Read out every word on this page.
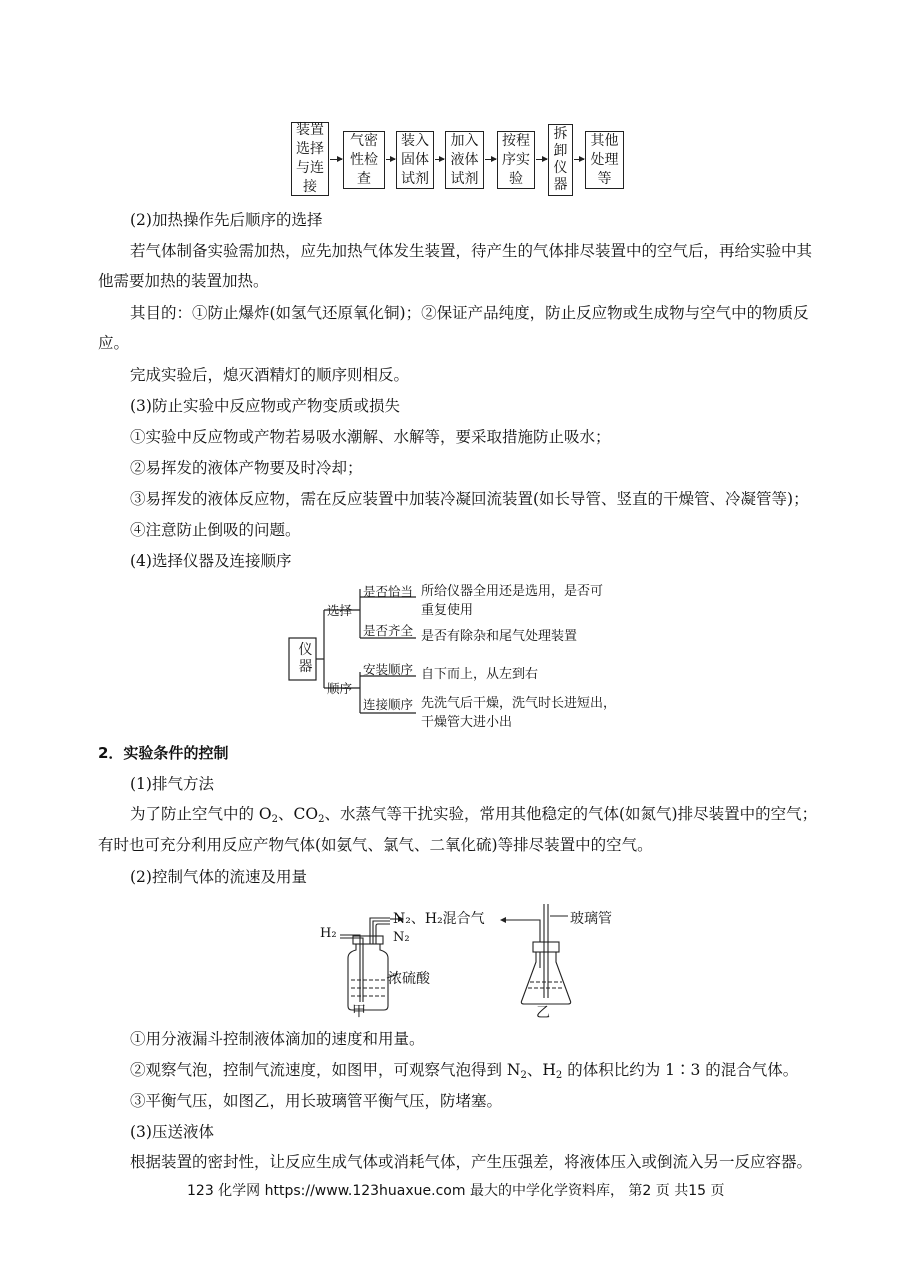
装置
选择
与连
接
气密
性检
查
装入
固体
试剂
加入
液体
试剂
按程
序实
验
拆
卸
仪
器
其他
处理
等
(2)加热操作先后顺序的选择
若气体制备实验需加热，应先加热气体发生装置，待产生的气体排尽装置中的空气后，再给实验中其
他需要加热的装置加热。
其目的：①防止爆炸(如氢气还原氧化铜)；②保证产品纯度，防止反应物或生成物与空气中的物质反
应。
完成实验后，熄灭酒精灯的顺序则相反。
(3)防止实验中反应物或产物变质或损失
①实验中反应物或产物若易吸水潮解、水解等，要采取措施防止吸水；
②易挥发的液体产物要及时冷却；
③易挥发的液体反应物，需在反应装置中加装冷凝回流装置(如长导管、竖直的干燥管、冷凝管等)；
④注意防止倒吸的问题。
(4)选择仪器及连接顺序
仪
器
选择
顺序
是否恰当 所给仪器全用还是选用，是否可
重复使用
是否齐全 是否有除杂和尾气处理装置
安装顺序 自下而上，从左到右
连接顺序 先洗气后干燥，洗气时长进短出，
干燥管大进小出
2．实验条件的控制
(1)排气方法
为了防止空气中的 $O_2$、$CO_2$、水蒸气等干扰实验，常用其他稳定的气体(如氮气)排尽装置中的空气；
有时也可充分利用反应产物气体(如氨气、氯气、二氧化硫)等排尽装置中的空气。
(2)控制气体的流速及用量
N₂、H₂混合气
H₂	N₂
浓硫酸
甲
玻璃管
乙
①用分液漏斗控制液体滴加的速度和用量。
②观察气泡，控制气流速度，如图甲，可观察气泡得到 $N_2$、$H_2$ 的体积比约为 1∶3 的混合气体。
③平衡气压，如图乙，用长玻璃管平衡气压，防堵塞。
(3)压送液体
根据装置的密封性，让反应生成气体或消耗气体，产生压强差，将液体压入或倒流入另一反应容器。
123 化学网 https://www.123huaxue.com 最大的中学化学资料库， 第2 页 共15 页
